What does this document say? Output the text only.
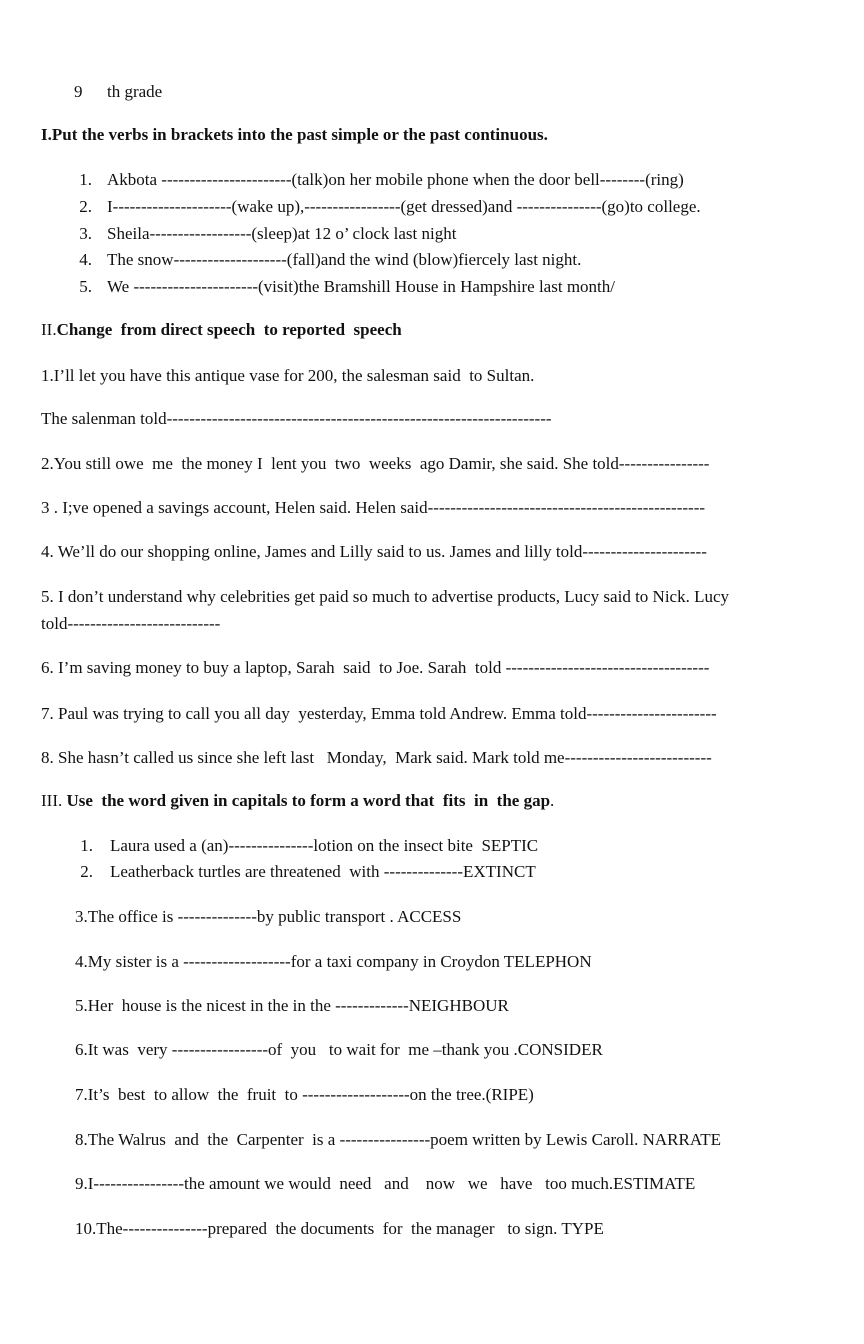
9 th grade
I.Put the verbs in brackets into the past simple or the past continuous.
1. Akbota -----------------------(talk)on her mobile phone when the door bell--------(ring)
2. I---------------------(wake up),-----------------(get dressed)and ---------------(go)to college.
3. Sheila------------------(sleep)at 12 o’ clock last night
4. The snow--------------------(fall)and the wind (blow)fiercely last night.
5. We ----------------------(visit)the Bramshill House in Hampshire last month/
II.Change  from direct speech  to reported  speech
1.I’ll let you have this antique vase for 200, the salesman said  to Sultan.
The salenman told--------------------------------------------------------------------
2.You still owe  me  the money I  lent you  two  weeks  ago Damir, she said. She told----------------
3 . I;ve opened a savings account, Helen said. Helen said-------------------------------------------------
4. We’ll do our shopping online, James and Lilly said to us. James and lilly told----------------------
5. I don’t understand why celebrities get paid so much to advertise products, Lucy said to Nick. Lucy
told---------------------------
6. I’m saving money to buy a laptop, Sarah  said  to Joe. Sarah  told ------------------------------------
7. Paul was trying to call you all day  yesterday, Emma told Andrew. Emma told-----------------------
8. She hasn’t called us since she left last   Monday,  Mark said. Mark told me--------------------------
III. Use  the word given in capitals to form a word that  fits  in  the gap.
1. Laura used a (an)---------------lotion on the insect bite  SEPTIC
2. Leatherback turtles are threatened  with --------------EXTINCT
3.The office is --------------by public transport . ACCESS
4.My sister is a -------------------for a taxi company in Croydon TELEPHON
5.Her  house is the nicest in the in the -------------NEIGHBOUR
6.It was  very -----------------of  you   to wait for  me –thank you .CONSIDER
7.It’s  best  to allow  the  fruit  to -------------------on the tree.(RIPE)
8.The Walrus  and  the  Carpenter  is a ----------------poem written by Lewis Caroll. NARRATE
9.I----------------the amount we would  need   and    now   we   have   too much.ESTIMATE
10.The---------------prepared  the documents  for  the manager   to sign. TYPE
